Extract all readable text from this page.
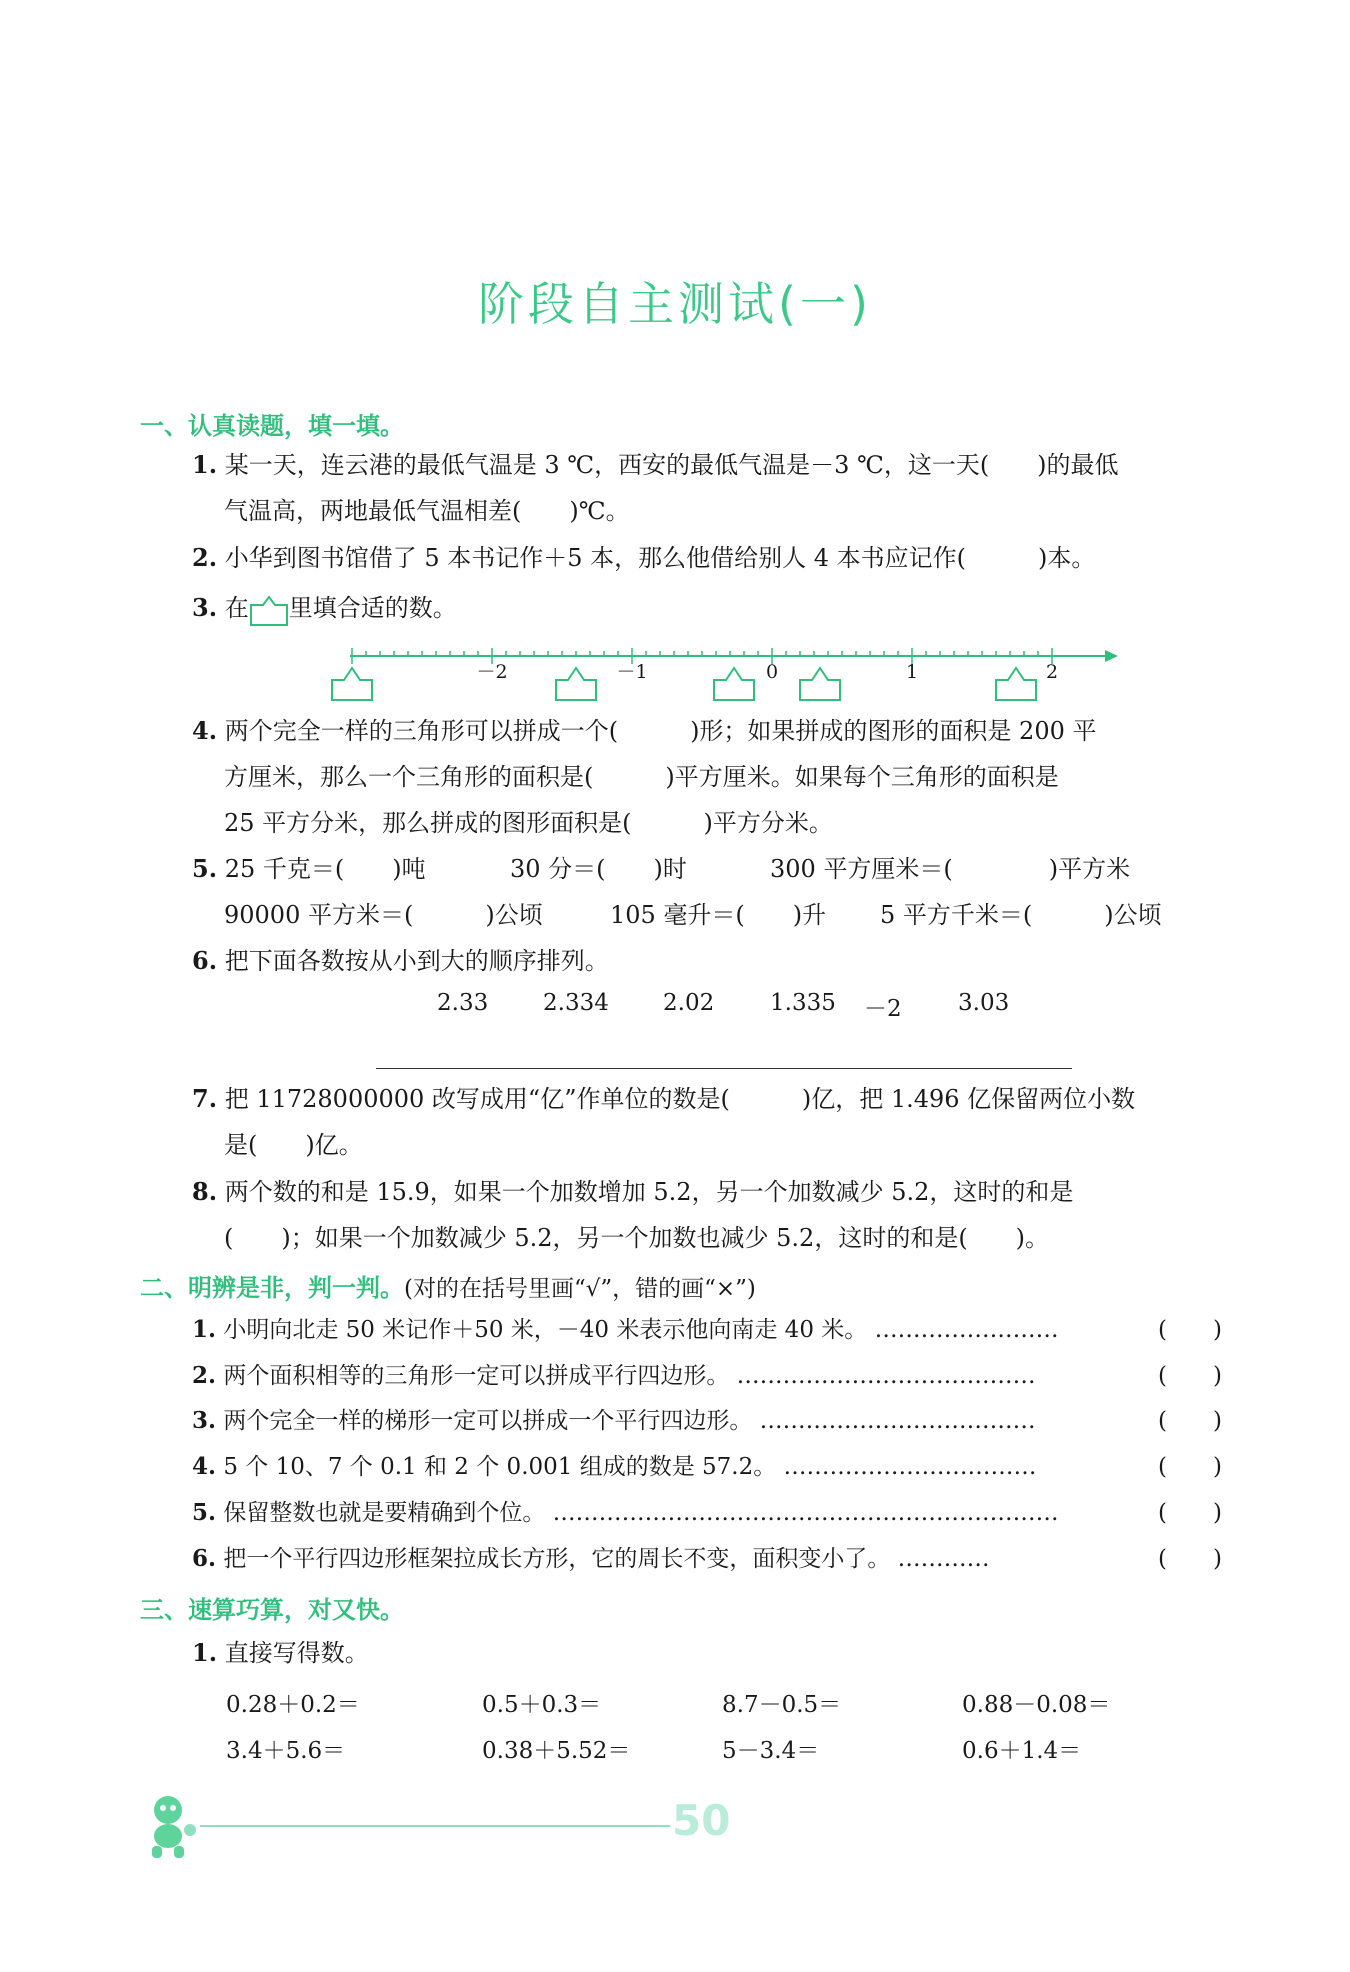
阶段自主测试(一)
一、认真读题，填一填。
1. 某一天，连云港的最低气温是 3 ℃，西安的最低气温是－3 ℃，这一天(　　)的最低
气温高，两地最低气温相差(　　)℃。
2. 小华到图书馆借了 5 本书记作＋5 本，那么他借给别人 4 本书应记作(　　　)本。
3. 在 里填合适的数。
－2	－1	0	1	2
4. 两个完全一样的三角形可以拼成一个(　　　)形；如果拼成的图形的面积是 200 平
方厘米，那么一个三角形的面积是(　　　)平方厘米。如果每个三角形的面积是
25 平方分米，那么拼成的图形面积是(　　　)平方分米。
5. 25 千克＝(　　)吨	30 分＝(　　)时	300 平方厘米＝(　　　　)平方米
90000 平方米＝(　　　)公顷	105 毫升＝(　　)升 5 平方千米＝(　　　)公顷
6. 把下面各数按从小到大的顺序排列。
2.33 2.334 2.02 1.335 －2 3.03
7. 把 11728000000 改写成用“亿”作单位的数是(　　　)亿，把 1.496 亿保留两位小数
是(　　)亿。
8. 两个数的和是 15.9，如果一个加数增加 5.2，另一个加数减少 5.2，这时的和是
(　　)；如果一个加数减少 5.2，另一个加数也减少 5.2，这时的和是(　　)。
二、明辨是非，判一判。(对的在括号里画“√”，错的画“×”)
1. 小明向北走 50 米记作＋50 米，－40 米表示他向南走 40 米。 ……………………	(　　)
2. 两个面积相等的三角形一定可以拼成平行四边形。 …………………………………	(　　)
3. 两个完全一样的梯形一定可以拼成一个平行四边形。 ………………………………	(　　)
4. 5 个 10、7 个 0.1 和 2 个 0.001 组成的数是 57.2。 ……………………………	(　　)
5. 保留整数也就是要精确到个位。 …………………………………………………………	(　　)
6. 把一个平行四边形框架拉成长方形，它的周长不变，面积变小了。 …………	(　　)
三、速算巧算，对又快。
1. 直接写得数。
0.28＋0.2＝	0.5＋0.3＝	8.7－0.5＝	0.88－0.08＝
3.4＋5.6＝	0.38＋5.52＝	5－3.4＝	0.6＋1.4＝
50
